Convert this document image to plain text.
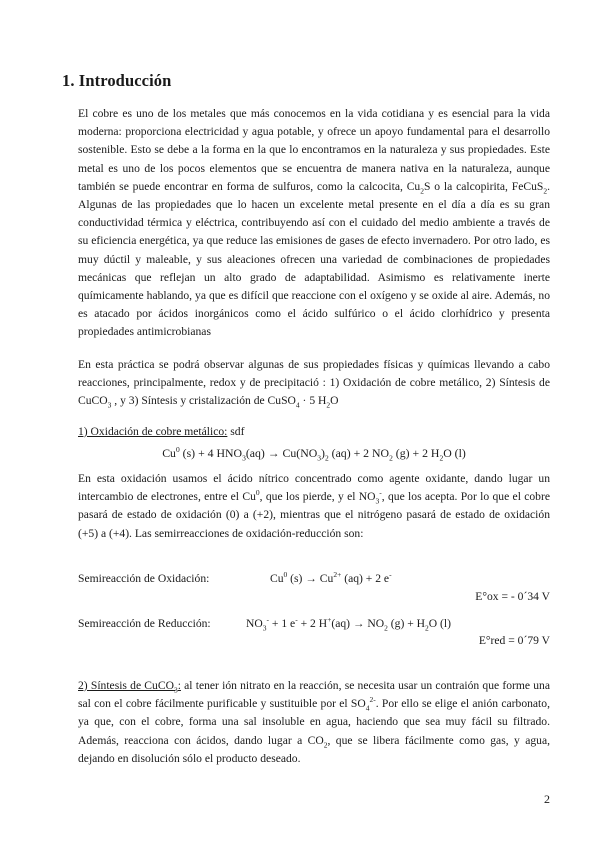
1. Introducción

El cobre es uno de los metales que más conocemos en la vida cotidiana y es esencial para la vida moderna: proporciona electricidad y agua potable, y ofrece un apoyo fundamental para el desarrollo sostenible. Esto se debe a la forma en la que lo encontramos en la naturaleza y sus propiedades. Este metal es uno de los pocos elementos que se encuentra de manera nativa en la naturaleza, aunque también se puede encontrar en forma de sulfuros, como la calcocita, $Cu_2S$ o la calcopirita, FeCuS$_2$. Algunas de las propiedades que lo hacen un excelente metal presente en el día a día es su gran conductividad térmica y eléctrica, contribuyendo así con el cuidado del medio ambiente a través de su eficiencia energética, ya que reduce las emisiones de gases de efecto invernadero. Por otro lado, es muy dúctil y maleable, y sus aleaciones ofrecen una variedad de combinaciones de propiedades mecánicas que reflejan un alto grado de adaptabilidad. Asimismo es relativamente inerte químicamente hablando, ya que es difícil que reaccione con el oxígeno y se oxide al aire. Además, no es atacado por ácidos inorgánicos como el ácido sulfúrico o el ácido clorhídrico y presenta propiedades antimicrobianas

En esta práctica se podrá observar algunas de sus propiedades físicas y químicas llevando a cabo reacciones, principalmente, redox y de precipitació : 1) Oxidación de cobre metálico, 2) Síntesis de CuCO$_3$ , y 3) Síntesis y cristalización de CuSO$_4$ · 5 $H_2O$

1) Oxidación de cobre metálico: sdf

Cu$^0$ (s) + 4 $HNO_3(aq) \to Cu(NO_3)_2$ (aq) + 2 $NO_2$ (g) + 2 $H_2O$ (l)

En esta oxidación usamos el ácido nítrico concentrado como agente oxidante, dando lugar un intercambio de electrones, entre el Cu$^0$, que los pierde, y el $NO_3^-$, que los acepta. Por lo que el cobre pasará de estado de oxidación (0) a (+2), mientras que el nitrógeno pasará de estado de oxidación (+5) a (+4). Las semirreacciones de oxidación-reducción son:

Semireacción de Oxidación:	Cu$^0$ $(s) \to Cu^{2+}$ (aq) + 2 e-
E°ox = - 0´34 V
Semireacción de Reducción:	$NO_3^- + 1$ e- + 2 $H^+(aq) \to NO_2$ $(g) + H_2O$ (l)
E°red = 0´79 V

2) Síntesis de CuCO$_3$: al tener ión nitrato en la reacción, se necesita usar un contraión que forme una sal con el cobre fácilmente purificable y sustituible por el $SO_4^{2-}$. Por ello se elige el anión carbonato, ya que, con el cobre, forma una sal insoluble en agua, haciendo que sea muy fácil su filtrado. Además, reacciona con ácidos, dando lugar a $CO_2$, que se libera fácilmente como gas, y agua, dejando en disolución sólo el producto deseado.

2
